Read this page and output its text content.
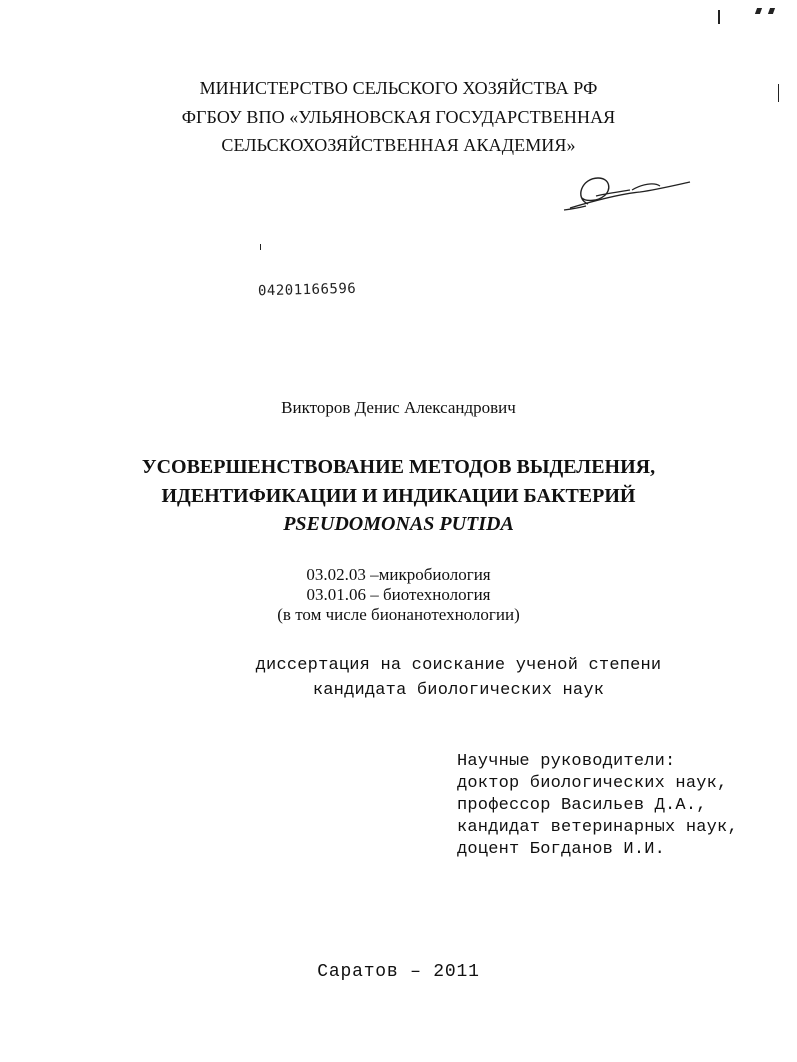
МИНИСТЕРСТВО СЕЛЬСКОГО ХОЗЯЙСТВА РФ
ФГБОУ ВПО «УЛЬЯНОВСКАЯ ГОСУДАРСТВЕННАЯ
СЕЛЬСКОХОЗЯЙСТВЕННАЯ АКАДЕМИЯ»
04201166596
Викторов Денис Александрович
УСОВЕРШЕНСТВОВАНИЕ МЕТОДОВ ВЫДЕЛЕНИЯ,
ИДЕНТИФИКАЦИИ И ИНДИКАЦИИ БАКТЕРИЙ
PSEUDOMONAS PUTIDA
03.02.03 –микробиология
03.01.06 – биотехнология
(в том числе бионанотехнологии)
диссертация на соискание ученой степени
кандидата биологических наук
Научные руководители:
доктор биологических наук,
профессор Васильев Д.А.,
кандидат ветеринарных наук,
доцент Богданов И.И.
Саратов – 2011
